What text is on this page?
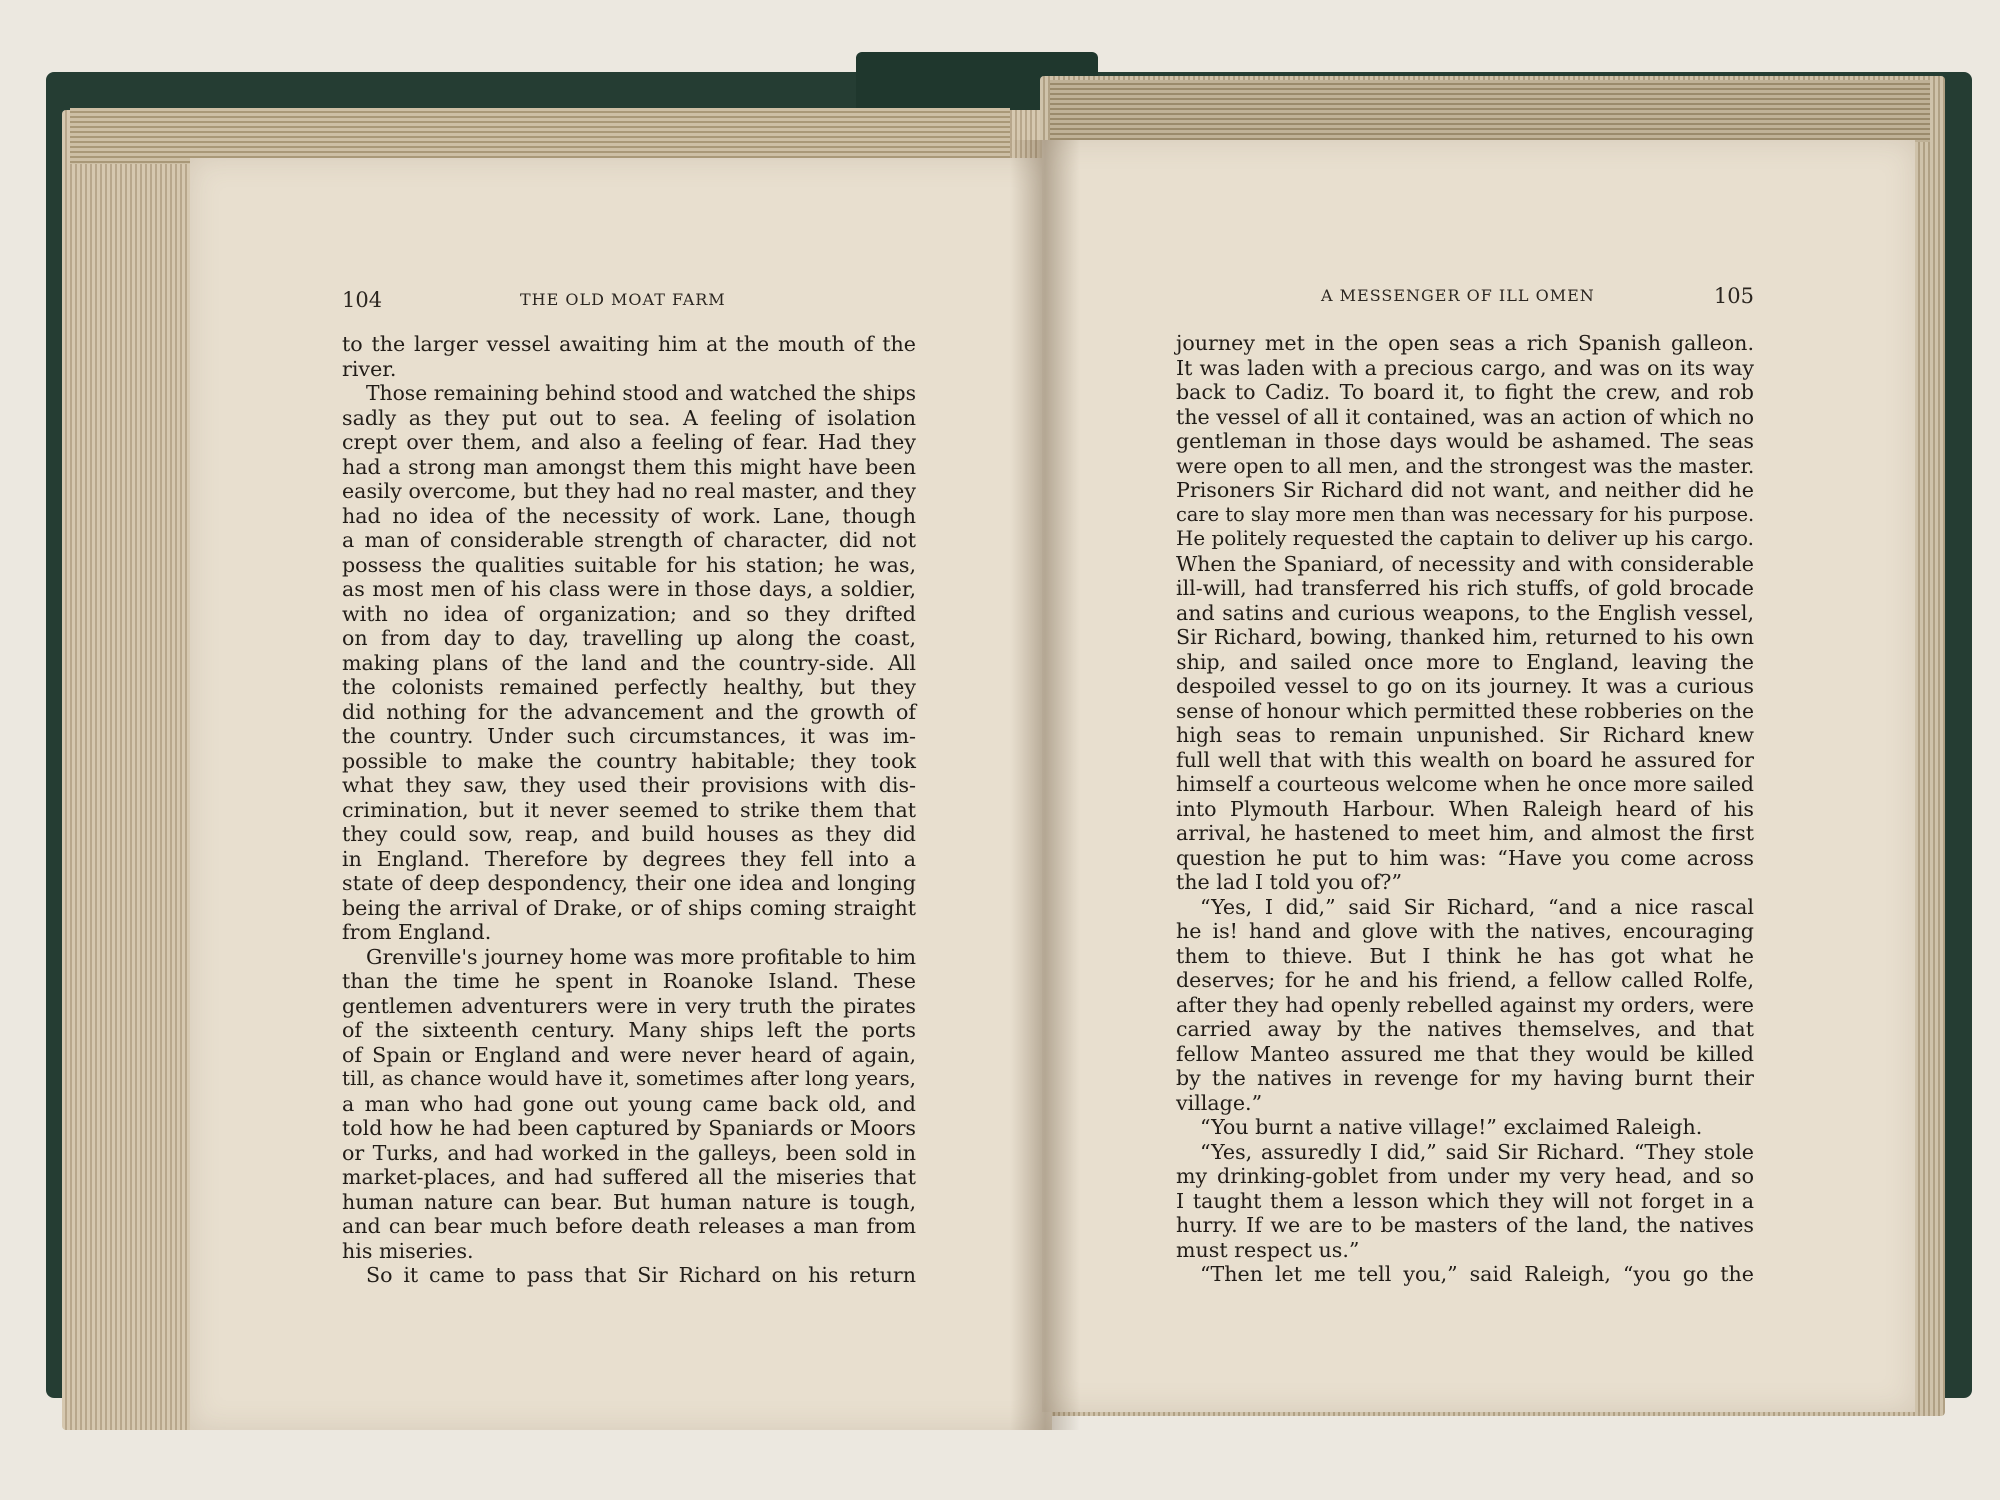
104	THE OLD MOAT FARM	A MESSENGER OF ILL OMEN	105
to the larger vessel awaiting him at the mouth of the
river.
Those remaining behind stood and watched the ships
sadly as they put out to sea. A feeling of isolation
crept over them, and also a feeling of fear. Had they
had a strong man amongst them this might have been
easily overcome, but they had no real master, and they
had no idea of the necessity of work. Lane, though
a man of considerable strength of character, did not
possess the qualities suitable for his station; he was,
as most men of his class were in those days, a soldier,
with no idea of organization; and so they drifted
on from day to day, travelling up along the coast,
making plans of the land and the country-side. All
the colonists remained perfectly healthy, but they
did nothing for the advancement and the growth of
the country. Under such circumstances, it was im-
possible to make the country habitable; they took
what they saw, they used their provisions with dis-
crimination, but it never seemed to strike them that
they could sow, reap, and build houses as they did
in England. Therefore by degrees they fell into a
state of deep despondency, their one idea and longing
being the arrival of Drake, or of ships coming straight
from England.
Grenville's journey home was more profitable to him
than the time he spent in Roanoke Island. These
gentlemen adventurers were in very truth the pirates
of the sixteenth century. Many ships left the ports
of Spain or England and were never heard of again,
till, as chance would have it, sometimes after long years,
a man who had gone out young came back old, and
told how he had been captured by Spaniards or Moors
or Turks, and had worked in the galleys, been sold in
market-places, and had suffered all the miseries that
human nature can bear. But human nature is tough,
and can bear much before death releases a man from
his miseries.
So it came to pass that Sir Richard on his return
journey met in the open seas a rich Spanish galleon.
It was laden with a precious cargo, and was on its way
back to Cadiz. To board it, to fight the crew, and rob
the vessel of all it contained, was an action of which no
gentleman in those days would be ashamed. The seas
were open to all men, and the strongest was the master.
Prisoners Sir Richard did not want, and neither did he
care to slay more men than was necessary for his purpose.
He politely requested the captain to deliver up his cargo.
When the Spaniard, of necessity and with considerable
ill-will, had transferred his rich stuffs, of gold brocade
and satins and curious weapons, to the English vessel,
Sir Richard, bowing, thanked him, returned to his own
ship, and sailed once more to England, leaving the
despoiled vessel to go on its journey. It was a curious
sense of honour which permitted these robberies on the
high seas to remain unpunished. Sir Richard knew
full well that with this wealth on board he assured for
himself a courteous welcome when he once more sailed
into Plymouth Harbour. When Raleigh heard of his
arrival, he hastened to meet him, and almost the first
question he put to him was: “Have you come across
the lad I told you of?”
“Yes, I did,” said Sir Richard, “and a nice rascal
he is! hand and glove with the natives, encouraging
them to thieve. But I think he has got what he
deserves; for he and his friend, a fellow called Rolfe,
after they had openly rebelled against my orders, were
carried away by the natives themselves, and that
fellow Manteo assured me that they would be killed
by the natives in revenge for my having burnt their
village.”
“You burnt a native village!” exclaimed Raleigh.
“Yes, assuredly I did,” said Sir Richard. “They stole
my drinking-goblet from under my very head, and so
I taught them a lesson which they will not forget in a
hurry. If we are to be masters of the land, the natives
must respect us.”
“Then let me tell you,” said Raleigh, “you go the
